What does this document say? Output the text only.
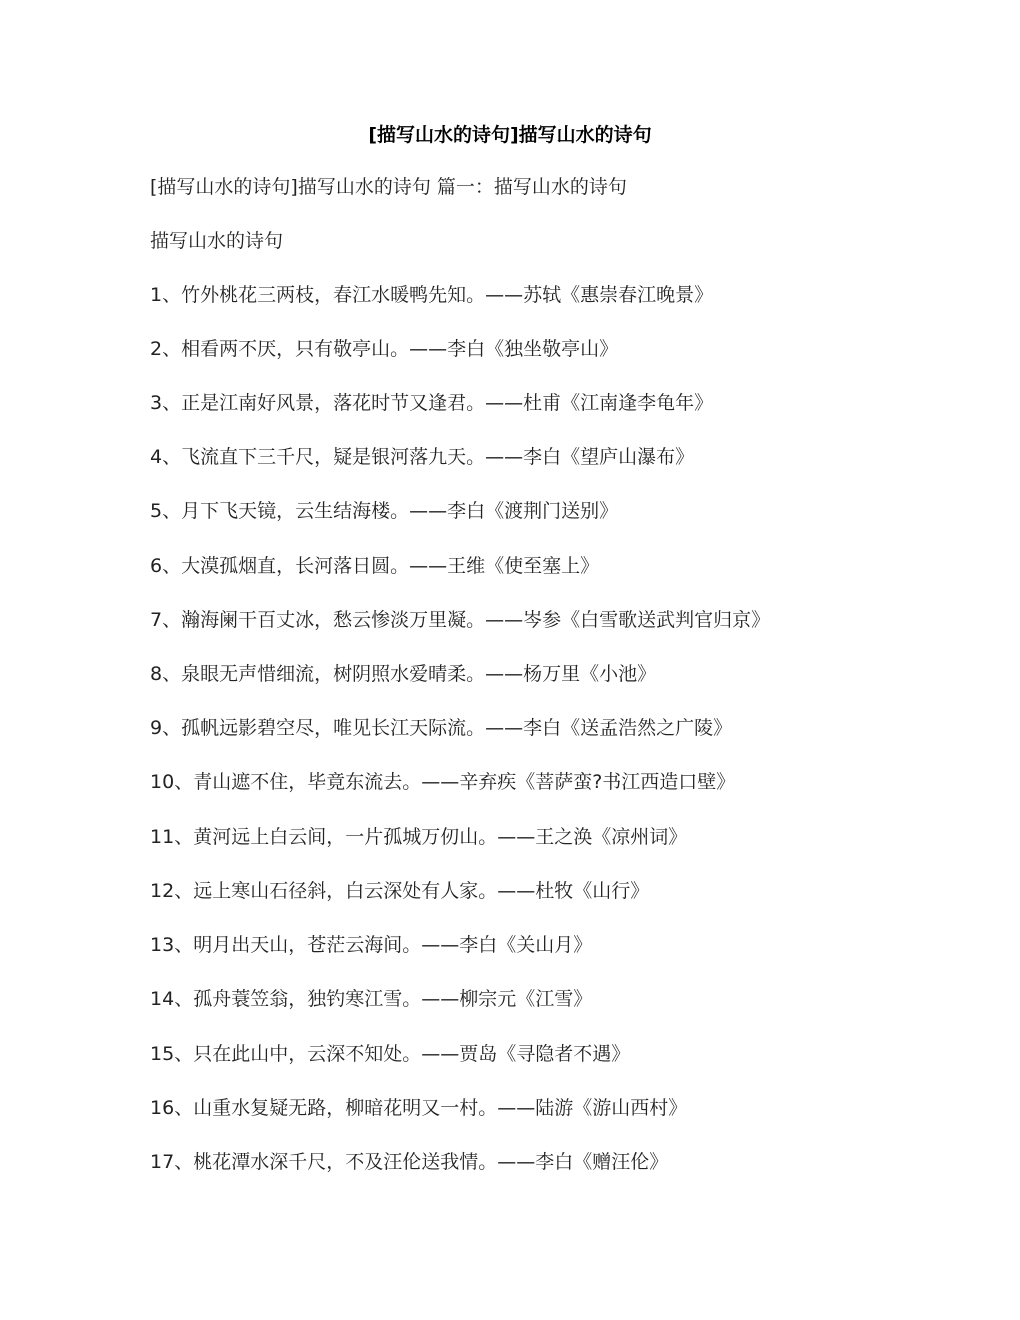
[描写山水的诗句]描写山水的诗句
[描写山水的诗句]描写山水的诗句 篇一：描写山水的诗句
描写山水的诗句
1、竹外桃花三两枝，春江水暖鸭先知。——苏轼《惠崇春江晚景》
2、相看两不厌，只有敬亭山。——李白《独坐敬亭山》
3、正是江南好风景，落花时节又逢君。——杜甫《江南逢李龟年》
4、飞流直下三千尺，疑是银河落九天。——李白《望庐山瀑布》
5、月下飞天镜，云生结海楼。——李白《渡荆门送别》
6、大漠孤烟直，长河落日圆。——王维《使至塞上》
7、瀚海阑干百丈冰，愁云惨淡万里凝。——岑参《白雪歌送武判官归京》
8、泉眼无声惜细流，树阴照水爱晴柔。——杨万里《小池》
9、孤帆远影碧空尽，唯见长江天际流。——李白《送孟浩然之广陵》
10、青山遮不住，毕竟东流去。——辛弃疾《菩萨蛮?书江西造口壁》
11、黄河远上白云间，一片孤城万仞山。——王之涣《凉州词》
12、远上寒山石径斜，白云深处有人家。——杜牧《山行》
13、明月出天山，苍茫云海间。——李白《关山月》
14、孤舟蓑笠翁，独钓寒江雪。——柳宗元《江雪》
15、只在此山中，云深不知处。——贾岛《寻隐者不遇》
16、山重水复疑无路，柳暗花明又一村。——陆游《游山西村》
17、桃花潭水深千尺，不及汪伦送我情。——李白《赠汪伦》
